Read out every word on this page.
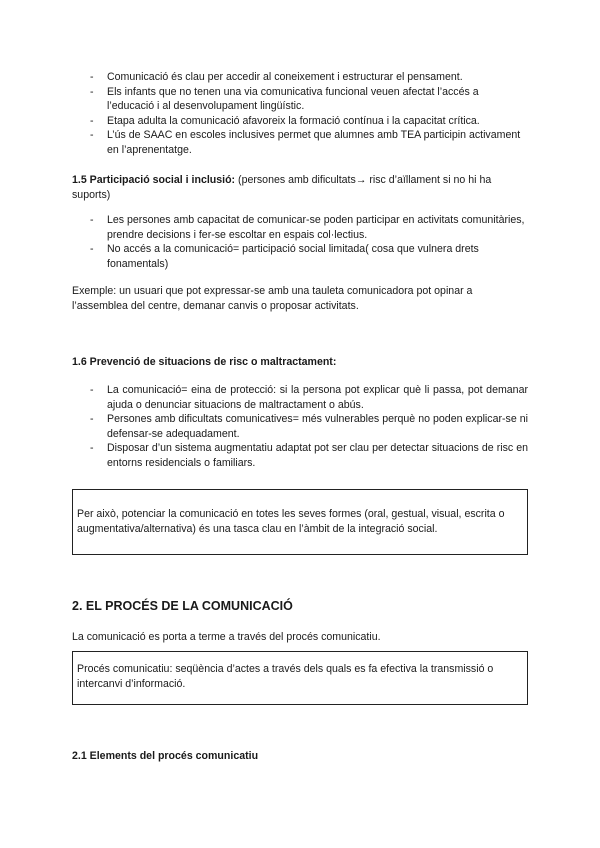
- Comunicació és clau per accedir al coneixement i estructurar el pensament.
- Els infants que no tenen una via comunicativa funcional veuen afectat l’accés a l’educació i al desenvolupament lingüístic.
- Etapa adulta la comunicació afavoreix la formació contínua i la capacitat crítica.
- L’ús de SAAC en escoles inclusives permet que alumnes amb TEA participin activament en l’aprenentatge.

1.5 Participació social i inclusió: (persones amb dificultats→ risc d’aïllament si no hi ha suports)

- Les persones amb capacitat de comunicar-se poden participar en activitats comunitàries, prendre decisions i fer-se escoltar en espais col·lectius.
- No accés a la comunicació= participació social limitada( cosa que vulnera drets fonamentals)

Exemple: un usuari que pot expressar-se amb una tauleta comunicadora pot opinar a l’assemblea del centre, demanar canvis o proposar activitats.

1.6 Prevenció de situacions de risc o maltractament:

- La comunicació= eina de protecció: si la persona pot explicar què li passa, pot demanar ajuda o denunciar situacions de maltractament o abús.
- Persones amb dificultats comunicatives= més vulnerables perquè no poden explicar-se ni defensar-se adequadament.
- Disposar d’un sistema augmentatiu adaptat pot ser clau per detectar situacions de risc en entorns residencials o familiars.
Per això, potenciar la comunicació en totes les seves formes (oral, gestual, visual, escrita o augmentativa/alternativa) és una tasca clau en l’àmbit de la integració social.

2. EL PROCÉS DE LA COMUNICACIÓ

La comunicació es porta a terme a través del procés comunicatiu.

Procés comunicatiu: seqüència d’actes a través dels quals es fa efectiva la transmissió o intercanvi d’informació.

2.1 Elements del procés comunicatiu
